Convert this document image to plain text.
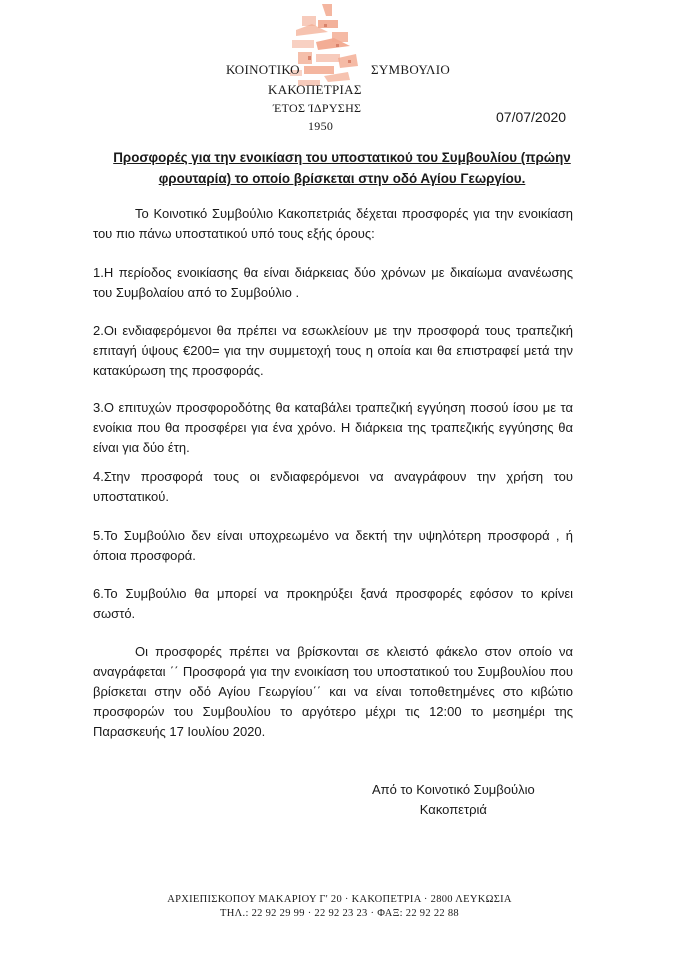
ΚΟΙΝΟΤΙΚΟ	ΣΥΜΒΟΥΛΙΟ
ΚΑΚΟΠΕΤΡΙΑΣ
ΈΤΟΣ ΊΔΡΥΣΗΣ
1950
07/07/2020
Προσφορές για την ενοικίαση του υποστατικού του Συμβουλίου (πρώην
φρουταρία) το οποίο βρίσκεται στην οδό Αγίου Γεωργίου.
Το Κοινοτικό Συμβούλιο Κακοπετριάς δέχεται προσφορές για την ενοικίαση του πιο πάνω υποστατικού υπό τους εξής όρους:
1.Η περίοδος ενοικίασης θα είναι διάρκειας δύο χρόνων με δικαίωμα ανανέωσης του Συμβολαίου από το Συμβούλιο .
2.Οι ενδιαφερόμενοι θα πρέπει να εσωκλείουν με την προσφορά τους τραπεζική επιταγή ύψους €200= για την συμμετοχή τους η οποία και θα επιστραφεί μετά την κατακύρωση της προσφοράς.
3.Ο επιτυχών προσφοροδότης θα καταβάλει τραπεζική εγγύηση ποσού ίσου με τα ενοίκια που θα προσφέρει για ένα χρόνο. Η διάρκεια της τραπεζικής εγγύησης θα είναι για δύο έτη.
4.Στην προσφορά τους οι ενδιαφερόμενοι να αναγράφουν την χρήση του υποστατικού.
5.Το Συμβούλιο δεν είναι υποχρεωμένο να δεκτή την υψηλότερη προσφορά , ή όποια προσφορά.
6.Το Συμβούλιο θα μπορεί να προκηρύξει ξανά προσφορές εφόσον το κρίνει σωστό.
Οι προσφορές πρέπει να βρίσκονται σε κλειστό φάκελο στον οποίο να αναγράφεται ΄΄ Προσφορά για την ενοικίαση του υποστατικού του Συμβουλίου που βρίσκεται στην οδό Αγίου Γεωργίου΄΄ και να είναι τοποθετημένες στο κιβώτιο προσφορών του Συμβουλίου το αργότερο μέχρι τις 12:00 το μεσημέρι της Παρασκευής 17 Ιουλίου 2020.
Από το Κοινοτικό Συμβούλιο
Κακοπετριά
ΑΡΧΙΕΠΙΣΚΟΠΟΥ ΜΑΚΑΡΙΟΥ Γ' 20 · ΚΑΚΟΠΕΤΡΙΑ · 2800 ΛΕΥΚΩΣΙΑ
ΤΗΛ.: 22 92 29 99 · 22 92 23 23 · ΦΑΞ: 22 92 22 88
